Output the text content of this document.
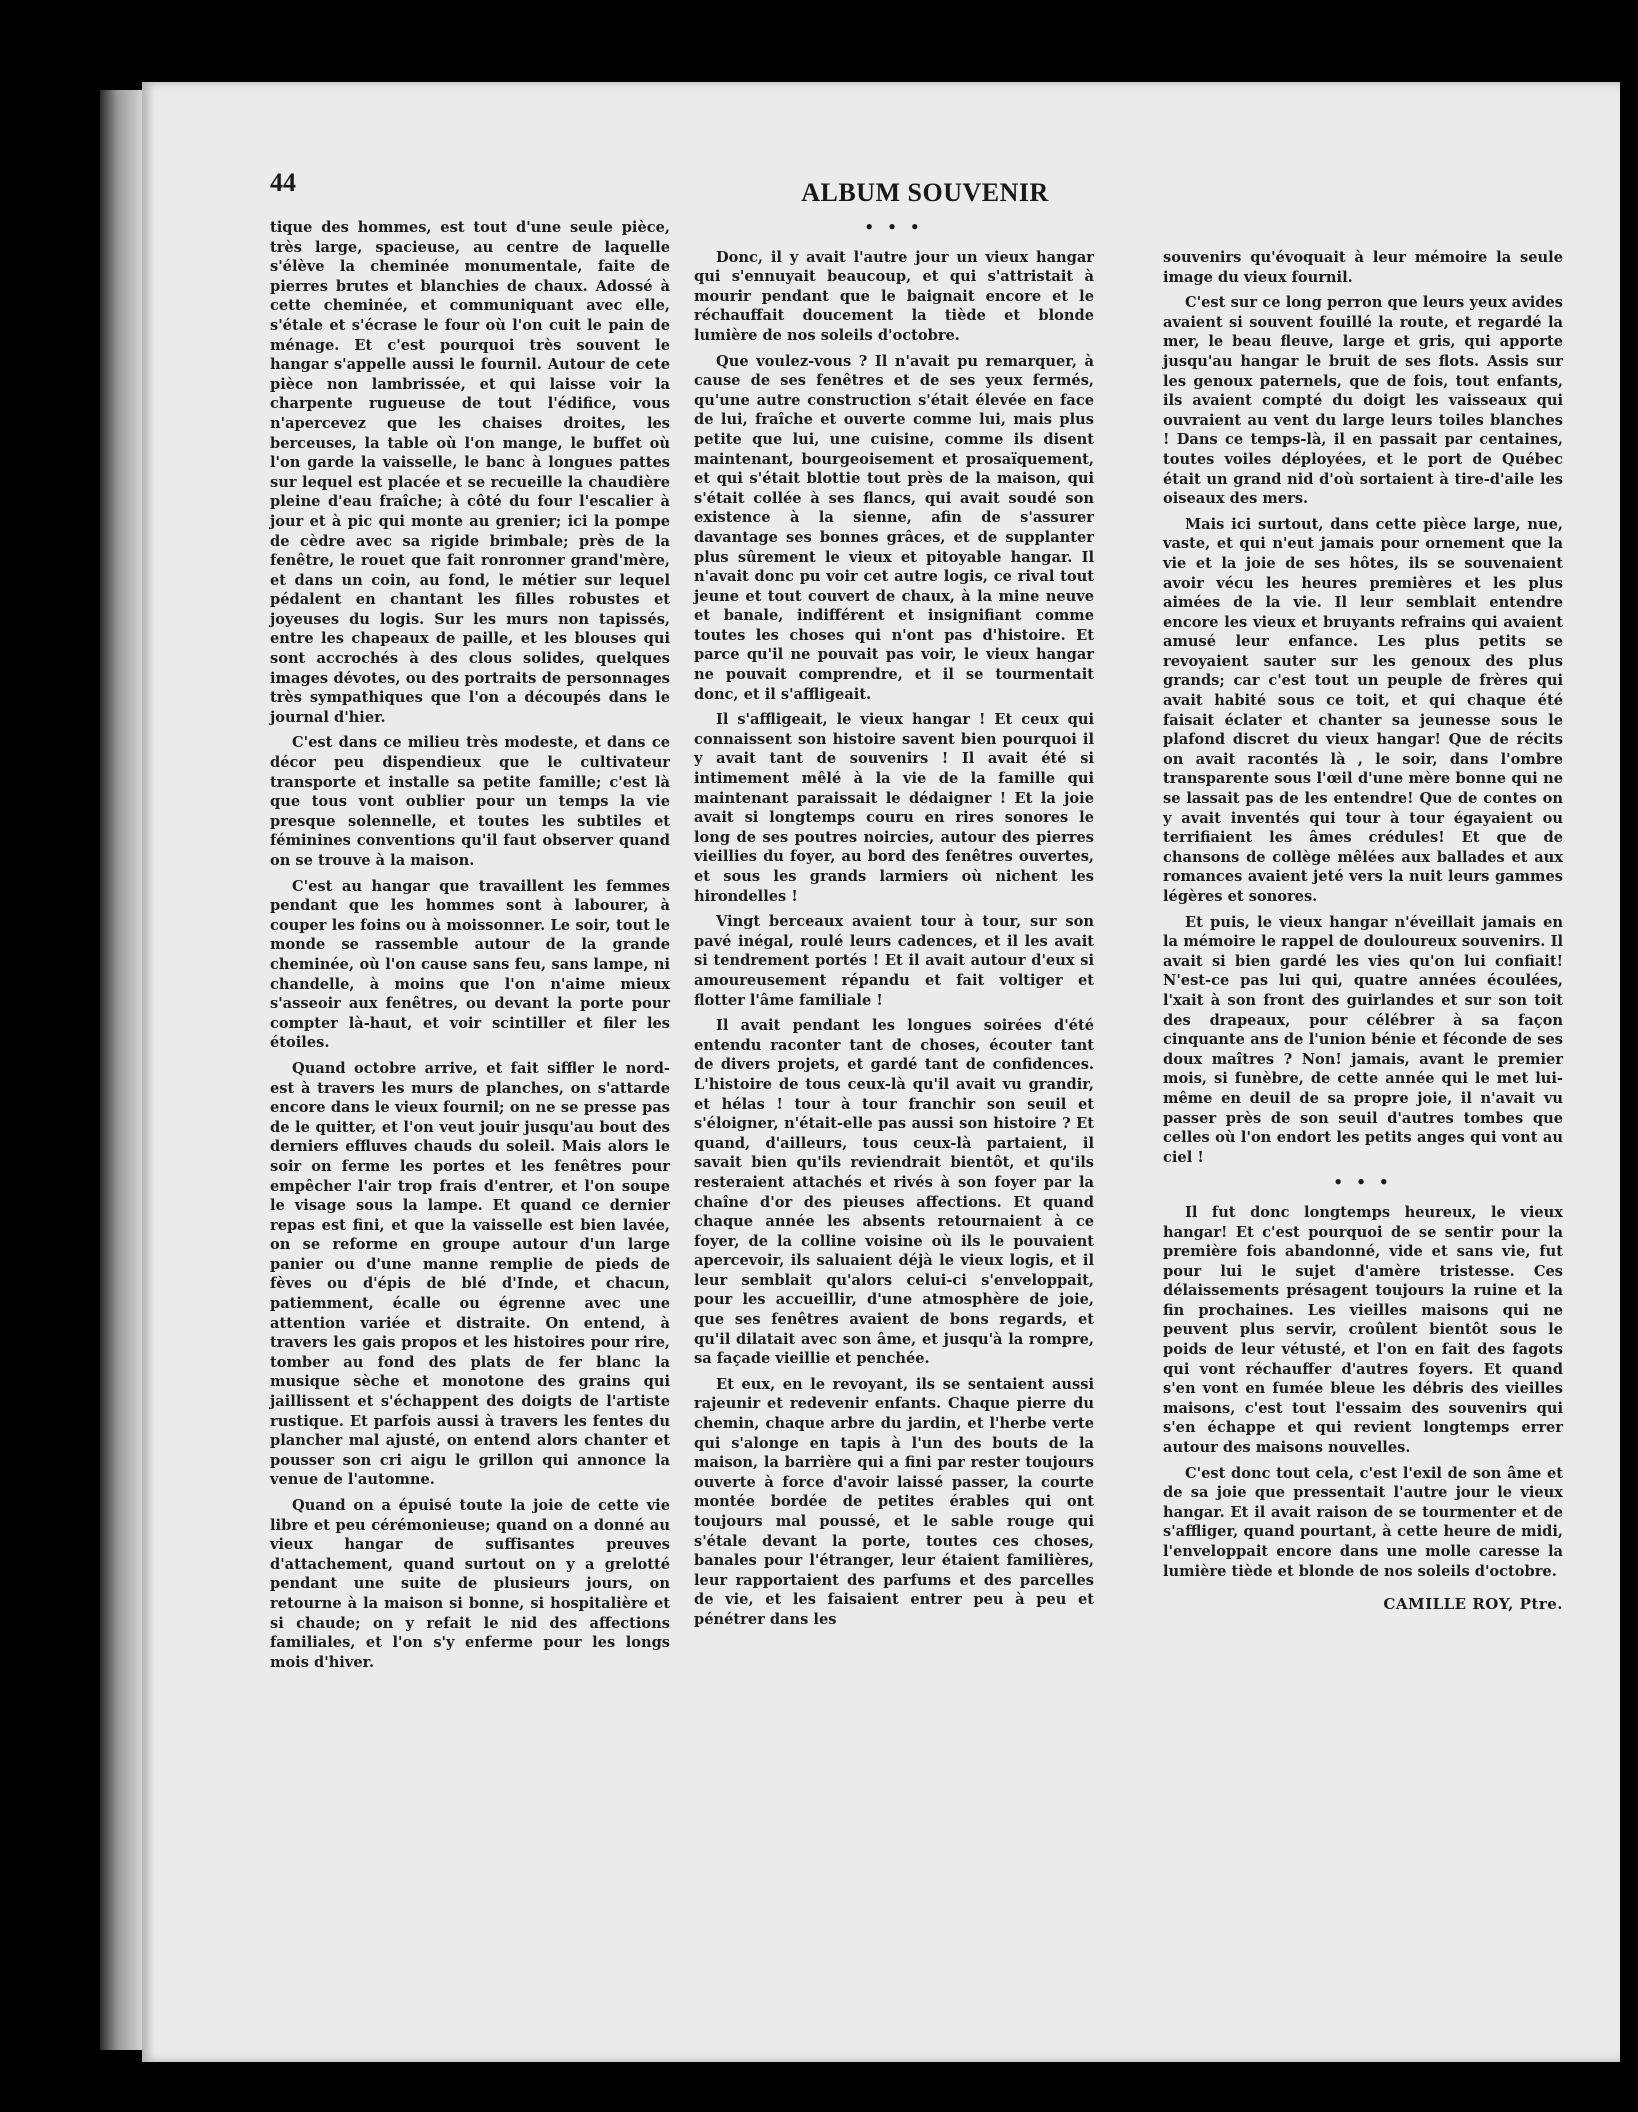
44	ALBUM SOUVENIR

tique des hommes, est tout d'une seule pièce, très large, spacieuse, au centre de laquelle s'élève la cheminée monumentale, faite de pierres brutes et blanchies de chaux. Adossé à cette cheminée, et communiquant avec elle, s'étale et s'écrase le four où l'on cuit le pain de ménage. Et c'est pourquoi très souvent le hangar s'appelle aussi le fournil. Autour de cete pièce non lambrissée, et qui laisse voir la charpente rugueuse de tout l'édifice, vous n'apercevez que les chaises droites, les berceuses, la table où l'on mange, le buffet où l'on garde la vaisselle, le banc à longues pattes sur lequel est placée et se recueille la chaudière pleine d'eau fraîche; à côté du four l'escalier à jour et à pic qui monte au grenier; ici la pompe de cèdre avec sa rigide brimbale; près de la fenêtre, le rouet que fait ronronner grand'mère, et dans un coin, au fond, le métier sur lequel pédalent en chantant les filles robustes et joyeuses du logis. Sur les murs non tapissés, entre les chapeaux de paille, et les blouses qui sont accrochés à des clous solides, quelques images dévotes, ou des portraits de personnages très sympathiques que l'on a découpés dans le journal d'hier.

C'est dans ce milieu très modeste, et dans ce décor peu dispendieux que le cultivateur transporte et installe sa petite famille; c'est là que tous vont oublier pour un temps la vie presque solennelle, et toutes les subtiles et féminines conventions qu'il faut observer quand on se trouve à la maison.

C'est au hangar que travaillent les femmes pendant que les hommes sont à labourer, à couper les foins ou à moissonner. Le soir, tout le monde se rassemble autour de la grande cheminée, où l'on cause sans feu, sans lampe, ni chandelle, à moins que l'on n'aime mieux s'asseoir aux fenêtres, ou devant la porte pour compter là-haut, et voir scintiller et filer les étoiles.

Quand octobre arrive, et fait siffler le nord-est à travers les murs de planches, on s'attarde encore dans le vieux fournil; on ne se presse pas de le quitter, et l'on veut jouir jusqu'au bout des derniers effluves chauds du soleil. Mais alors le soir on ferme les portes et les fenêtres pour empêcher l'air trop frais d'entrer, et l'on soupe le visage sous la lampe. Et quand ce dernier repas est fini, et que la vaisselle est bien lavée, on se reforme en groupe autour d'un large panier ou d'une manne remplie de pieds de fèves ou d'épis de blé d'Inde, et chacun, patiemment, écalle ou égrenne avec une attention variée et distraite. On entend, à travers les gais propos et les histoires pour rire, tomber au fond des plats de fer blanc la musique sèche et monotone des grains qui jaillissent et s'échappent des doigts de l'artiste rustique. Et parfois aussi à travers les fentes du plancher mal ajusté, on entend alors chanter et pousser son cri aigu le grillon qui annonce la venue de l'automne.

Quand on a épuisé toute la joie de cette vie libre et peu cérémonieuse; quand on a donné au vieux hangar de suffisantes preuves d'attachement, quand surtout on y a grelotté pendant une suite de plusieurs jours, on retourne à la maison si bonne, si hospitalière et si chaude; on y refait le nid des affections familiales, et l'on s'y enferme pour les longs mois d'hiver.

• • •

Donc, il y avait l'autre jour un vieux hangar qui s'ennuyait beaucoup, et qui s'attristait à mourir pendant que le baignait encore et le réchauffait doucement la tiède et blonde lumière de nos soleils d'octobre.

Que voulez-vous ? Il n'avait pu remarquer, à cause de ses fenêtres et de ses yeux fermés, qu'une autre construction s'était élevée en face de lui, fraîche et ouverte comme lui, mais plus petite que lui, une cuisine, comme ils disent maintenant, bourgeoisement et prosaïquement, et qui s'était blottie tout près de la maison, qui s'était collée à ses flancs, qui avait soudé son existence à la sienne, afin de s'assurer davantage ses bonnes grâces, et de supplanter plus sûrement le vieux et pitoyable hangar. Il n'avait donc pu voir cet autre logis, ce rival tout jeune et tout couvert de chaux, à la mine neuve et banale, indifférent et insignifiant comme toutes les choses qui n'ont pas d'histoire. Et parce qu'il ne pouvait pas voir, le vieux hangar ne pouvait comprendre, et il se tourmentait donc, et il s'affligeait.

Il s'affligeait, le vieux hangar ! Et ceux qui connaissent son histoire savent bien pourquoi il y avait tant de souvenirs ! Il avait été si intimement mêlé à la vie de la famille qui maintenant paraissait le dédaigner ! Et la joie avait si longtemps couru en rires sonores le long de ses poutres noircies, autour des pierres vieillies du foyer, au bord des fenêtres ouvertes, et sous les grands larmiers où nichent les hirondelles !

Vingt berceaux avaient tour à tour, sur son pavé inégal, roulé leurs cadences, et il les avait si tendrement portés ! Et il avait autour d'eux si amoureusement répandu et fait voltiger et flotter l'âme familiale !

Il avait pendant les longues soirées d'été entendu raconter tant de choses, écouter tant de divers projets, et gardé tant de confidences. L'histoire de tous ceux-là qu'il avait vu grandir, et hélas ! tour à tour franchir son seuil et s'éloigner, n'était-elle pas aussi son histoire ? Et quand, d'ailleurs, tous ceux-là partaient, il savait bien qu'ils reviendrait bientôt, et qu'ils resteraient attachés et rivés à son foyer par la chaîne d'or des pieuses affections. Et quand chaque année les absents retournaient à ce foyer, de la colline voisine où ils le pouvaient apercevoir, ils saluaient déjà le vieux logis, et il leur semblait qu'alors celui-ci s'enveloppait, pour les accueillir, d'une atmosphère de joie, que ses fenêtres avaient de bons regards, et qu'il dilatait avec son âme, et jusqu'à la rompre, sa façade vieillie et penchée.

Et eux, en le revoyant, ils se sentaient aussi rajeunir et redevenir enfants. Chaque pierre du chemin, chaque arbre du jardin, et l'herbe verte qui s'alonge en tapis à l'un des bouts de la maison, la barrière qui a fini par rester toujours ouverte à force d'avoir laissé passer, la courte montée bordée de petites érables qui ont toujours mal poussé, et le sable rouge qui s'étale devant la porte, toutes ces choses, banales pour l'étranger, leur étaient familières, leur rapportaient des parfums et des parcelles de vie, et les faisaient entrer peu à peu et pénétrer dans les

souvenirs qu'évoquait à leur mémoire la seule image du vieux fournil.

C'est sur ce long perron que leurs yeux avides avaient si souvent fouillé la route, et regardé la mer, le beau fleuve, large et gris, qui apporte jusqu'au hangar le bruit de ses flots. Assis sur les genoux paternels, que de fois, tout enfants, ils avaient compté du doigt les vaisseaux qui ouvraient au vent du large leurs toiles blanches ! Dans ce temps-là, il en passait par centaines, toutes voiles déployées, et le port de Québec était un grand nid d'où sortaient à tire-d'aile les oiseaux des mers.

Mais ici surtout, dans cette pièce large, nue, vaste, et qui n'eut jamais pour ornement que la vie et la joie de ses hôtes, ils se souvenaient avoir vécu les heures premières et les plus aimées de la vie. Il leur semblait entendre encore les vieux et bruyants refrains qui avaient amusé leur enfance. Les plus petits se revoyaient sauter sur les genoux des plus grands; car c'est tout un peuple de frères qui avait habité sous ce toit, et qui chaque été faisait éclater et chanter sa jeunesse sous le plafond discret du vieux hangar! Que de récits on avait racontés là , le soir, dans l'ombre transparente sous l'œil d'une mère bonne qui ne se lassait pas de les entendre! Que de contes on y avait inventés qui tour à tour égayaient ou terrifiaient les âmes crédules! Et que de chansons de collège mêlées aux ballades et aux romances avaient jeté vers la nuit leurs gammes légères et sonores.

Et puis, le vieux hangar n'éveillait jamais en la mémoire le rappel de douloureux souvenirs. Il avait si bien gardé les vies qu'on lui confiait! N'est-ce pas lui qui, quatre années écoulées, l'xait à son front des guirlandes et sur son toit des drapeaux, pour célébrer à sa façon cinquante ans de l'union bénie et féconde de ses doux maîtres ? Non! jamais, avant le premier mois, si funèbre, de cette année qui le met lui-même en deuil de sa propre joie, il n'avait vu passer près de son seuil d'autres tombes que celles où l'on endort les petits anges qui vont au ciel !

• • •

Il fut donc longtemps heureux, le vieux hangar! Et c'est pourquoi de se sentir pour la première fois abandonné, vide et sans vie, fut pour lui le sujet d'amère tristesse. Ces délaissements présagent toujours la ruine et la fin prochaines. Les vieilles maisons qui ne peuvent plus servir, croûlent bientôt sous le poids de leur vétusté, et l'on en fait des fagots qui vont réchauffer d'autres foyers. Et quand s'en vont en fumée bleue les débris des vieilles maisons, c'est tout l'essaim des souvenirs qui s'en échappe et qui revient longtemps errer autour des maisons nouvelles.

C'est donc tout cela, c'est l'exil de son âme et de sa joie que pressentait l'autre jour le vieux hangar. Et il avait raison de se tourmenter et de s'affliger, quand pourtant, à cette heure de midi, l'enveloppait encore dans une molle caresse la lumière tiède et blonde de nos soleils d'octobre.

CAMILLE ROY, Ptre.
